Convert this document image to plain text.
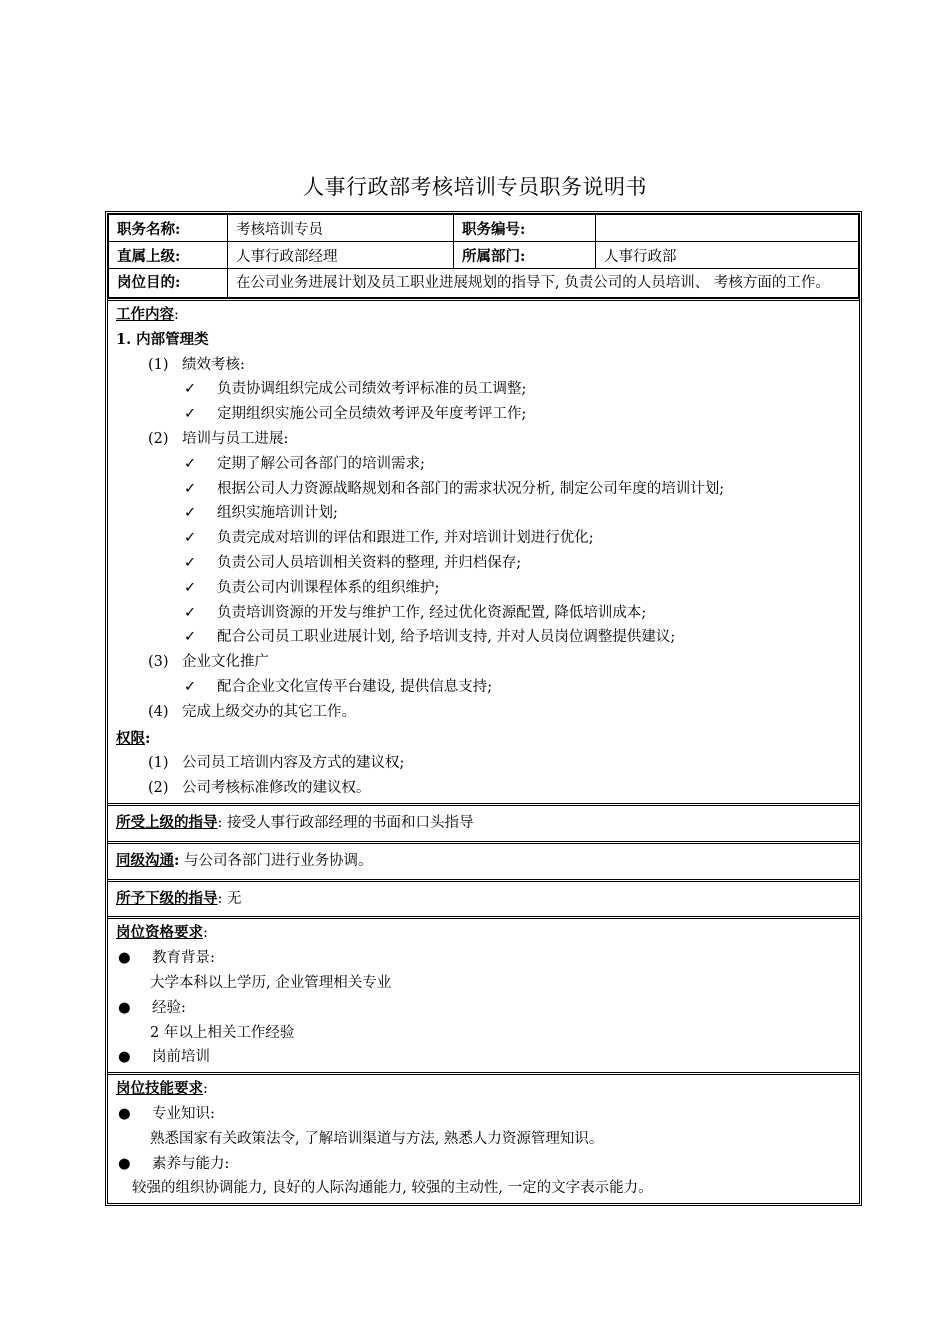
人事行政部考核培训专员职务说明书
职务名称:	考核培训专员	职务编号:	
直属上级:	人事行政部经理	所属部门:	人事行政部
岗位目的:	在公司业务进展计划及员工职业进展规划的指导下, 负责公司的人员培训、 考核方面的工作。		
工作内容:
1. 内部管理类
(1) 绩效考核:
✓	负责协调组织完成公司绩效考评标准的员工调整;
✓	定期组织实施公司全员绩效考评及年度考评工作;
(2) 培训与员工进展:
✓	定期了解公司各部门的培训需求;
✓	根据公司人力资源战略规划和各部门的需求状况分析, 制定公司年度的培训计划;
✓	组织实施培训计划;
✓	负责完成对培训的评估和跟进工作, 并对培训计划进行优化;
✓	负责公司人员培训相关资料的整理, 并归档保存;
✓	负责公司内训课程体系的组织维护;
✓	负责培训资源的开发与维护工作, 经过优化资源配置, 降低培训成本;
✓	配合公司员工职业进展计划, 给予培训支持, 并对人员岗位调整提供建议;
(3) 企业文化推广
✓	配合企业文化宣传平台建设, 提供信息支持;
(4) 完成上级交办的其它工作。
权限:
(1) 公司员工培训内容及方式的建议权;
(2) 公司考核标准修改的建议权。
所受上级的指导: 接受人事行政部经理的书面和口头指导
同级沟通: 与公司各部门进行业务协调。
所予下级的指导: 无
岗位资格要求:
●	教育背景:
大学本科以上学历, 企业管理相关专业
●	经验:
2 年以上相关工作经验
●	岗前培训
岗位技能要求:
●	专业知识:
熟悉国家有关政策法令, 了解培训渠道与方法, 熟悉人力资源管理知识。
●	素养与能力:
较强的组织协调能力, 良好的人际沟通能力, 较强的主动性, 一定的文字表示能力。
